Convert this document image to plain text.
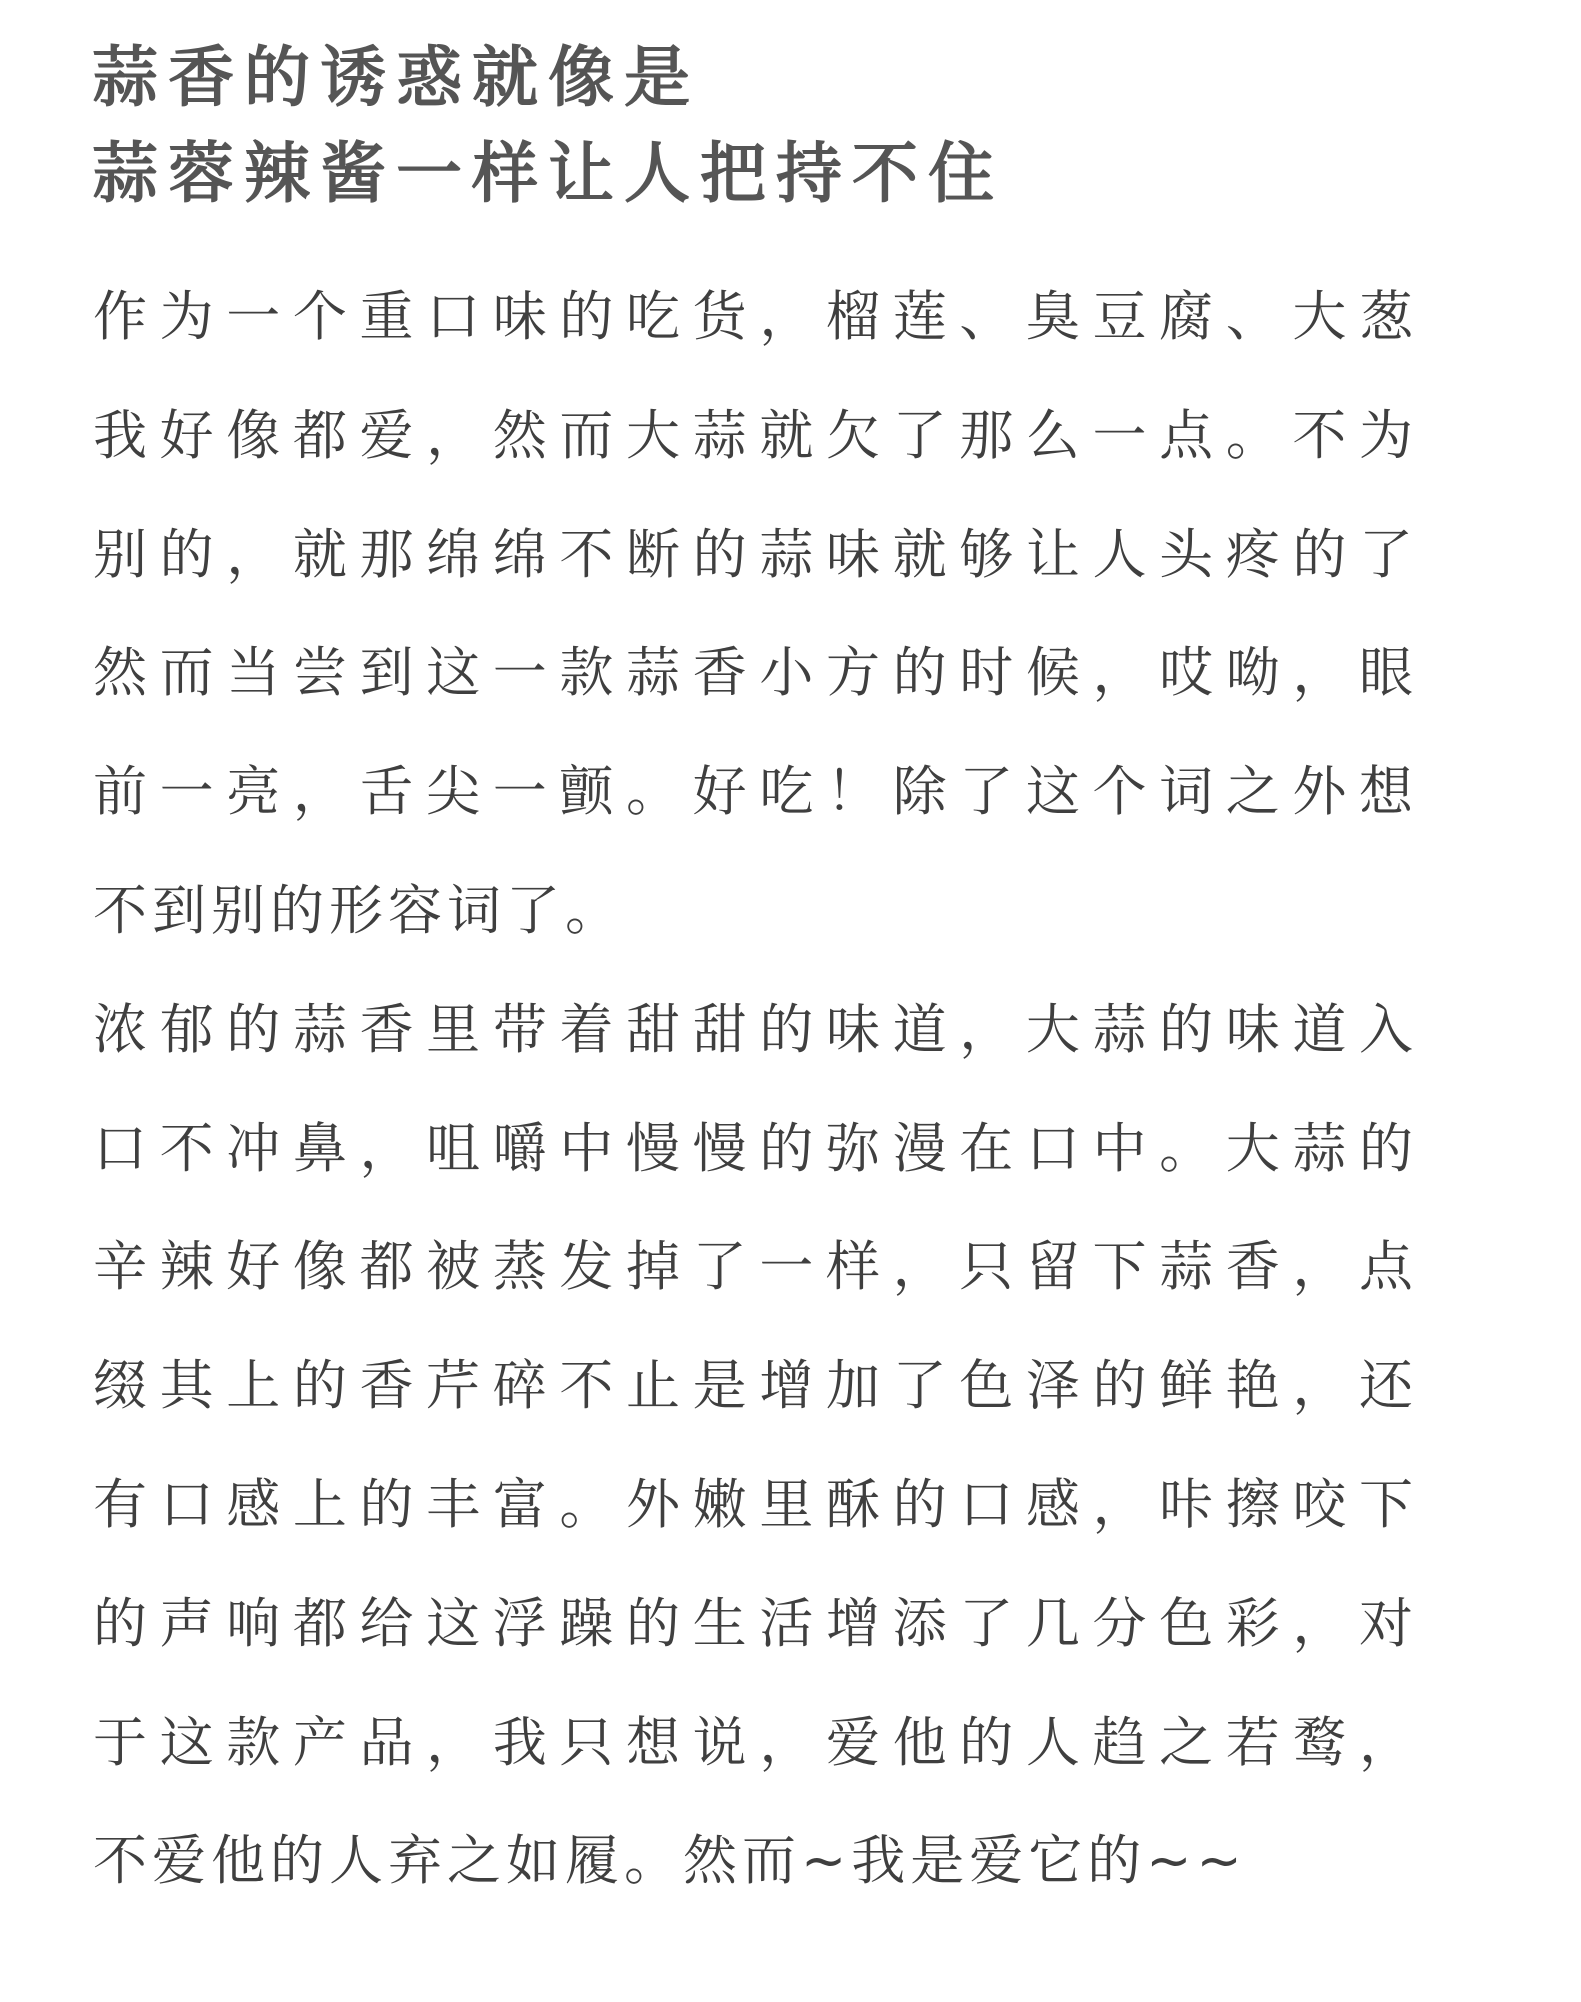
蒜香的诱惑就像是
蒜蓉辣酱一样让人把持不住
作为一个重口味的吃货，榴莲、臭豆腐、大葱
我好像都爱，然而大蒜就欠了那么一点。不为
别的，就那绵绵不断的蒜味就够让人头疼的了
然而当尝到这一款蒜香小方的时候，哎呦，眼
前一亮，舌尖一颤。好吃！除了这个词之外想
不到别的形容词了。
浓郁的蒜香里带着甜甜的味道，大蒜的味道入
口不冲鼻，咀嚼中慢慢的弥漫在口中。大蒜的
辛辣好像都被蒸发掉了一样，只留下蒜香，点
缀其上的香芹碎不止是增加了色泽的鲜艳，还
有口感上的丰富。外嫩里酥的口感，咔擦咬下
的声响都给这浮躁的生活增添了几分色彩，对
于这款产品，我只想说，爱他的人趋之若鹜，
不爱他的人弃之如履。然而~我是爱它的~~
